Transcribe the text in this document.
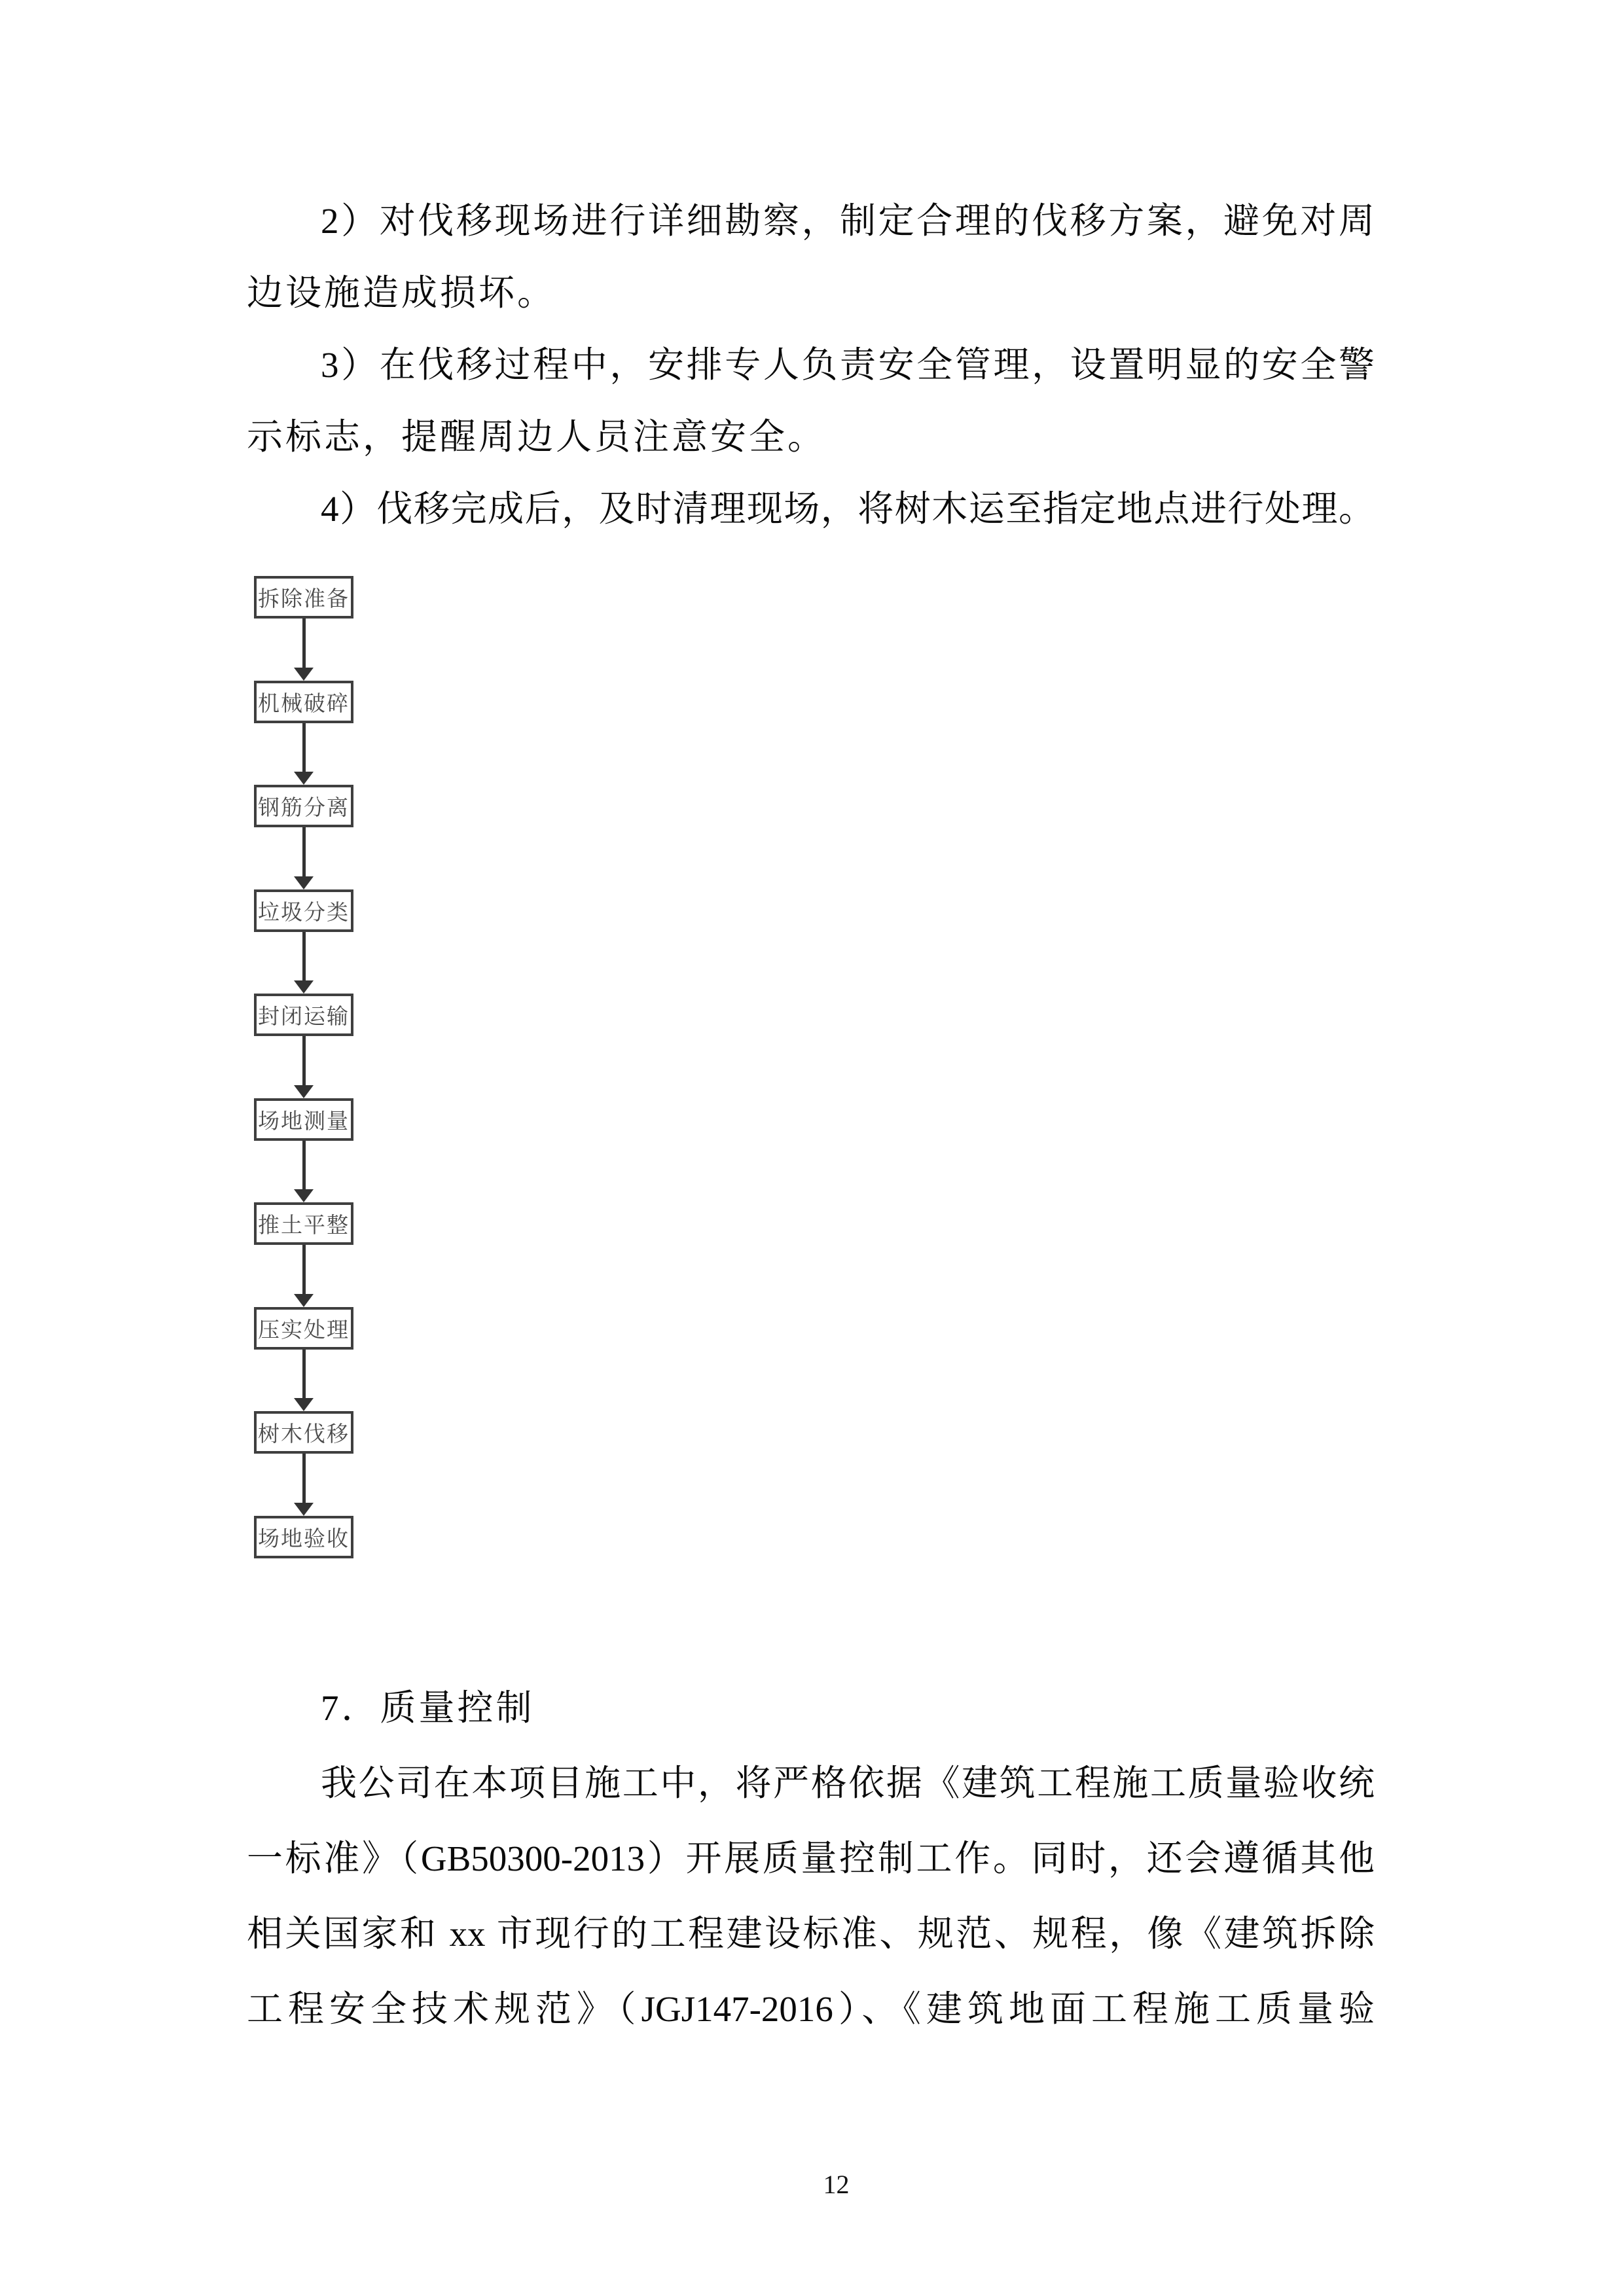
2）对伐移现场进行详细勘察，制定合理的伐移方案，避免对周
边设施造成损坏。
3）在伐移过程中，安排专人负责安全管理，设置明显的安全警
示标志，提醒周边人员注意安全。
4）伐移完成后，及时清理现场，将树木运至指定地点进行处理。
拆除准备
机械破碎
钢筋分离
垃圾分类
封闭运输
场地测量
推土平整
压实处理
树木伐移
场地验收
7．质量控制
我公司在本项目施工中，将严格依据《建筑工程施工质量验收统
一标准》（GB50300-2013）开展质量控制工作。同时，还会遵循其他
相关国家和 xx 市现行的工程建设标准、规范、规程，像《建筑拆除
工程安全技术规范》（JGJ147-2016）、《建筑地面工程施工质量验
12
